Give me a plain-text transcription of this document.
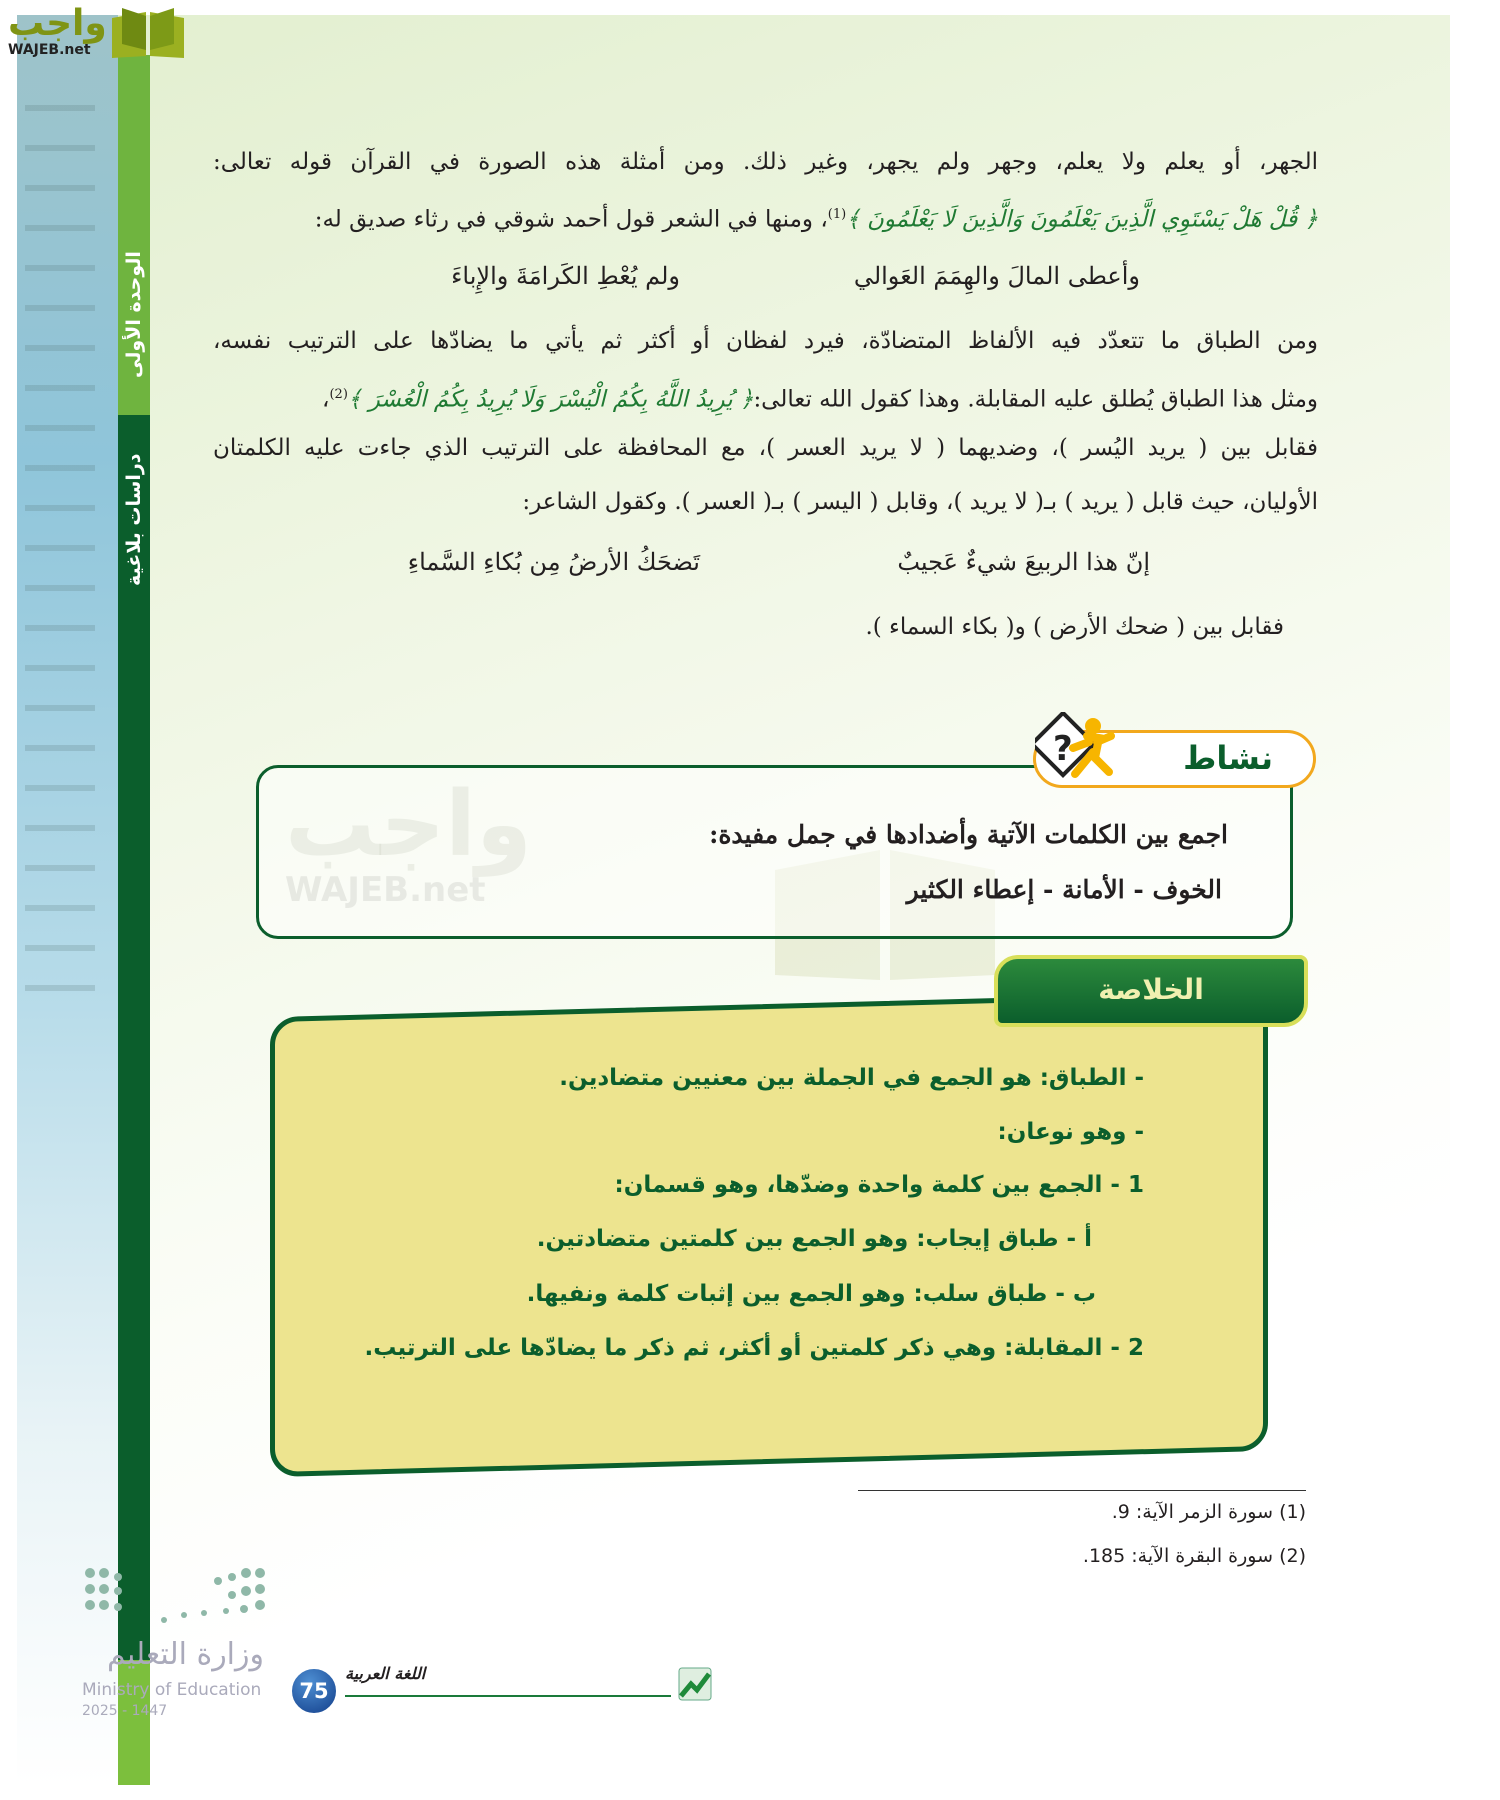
الوحدة الأولى
دراسات بلاغية
واجب
WAJEB.net
الجهر، أو يعلم ولا يعلم، وجهر ولم يجهر، وغير ذلك. ومن أمثلة هذه الصورة في القرآن قوله تعالى:
﴿ قُلْ هَلْ يَسْتَوِي الَّذِينَ يَعْلَمُونَ وَالَّذِينَ لَا يَعْلَمُونَ ﴾$^{(1)}$، ومنها في الشعر قول أحمد شوقي في رثاء صديق له:
وأعطى المالَ والهِمَمَ العَوالي
ولم يُعْطِ الكَرامَةَ والإِباءَ
ومن الطباق ما تتعدّد فيه الألفاظ المتضادّة، فيرد لفظان أو أكثر ثم يأتي ما يضادّها على الترتيب نفسه،
ومثل هذا الطباق يُطلق عليه المقابلة. وهذا كقول الله تعالى:﴿ يُرِيدُ اللَّهُ بِكُمُ الْيُسْرَ وَلَا يُرِيدُ بِكُمُ الْعُسْرَ ﴾$^{(2)}$،
فقابل بين ( يريد اليُسر )، وضديهما ( لا يريد العسر )، مع المحافظة على الترتيب الذي جاءت عليه الكلمتان
الأوليان، حيث قابل ( يريد ) بـ( لا يريد )، وقابل ( اليسر ) بـ( العسر ). وكقول الشاعر:
إنّ هذا الربيعَ شيءٌ عَجيبٌ
تَضحَكُ الأرضُ مِن بُكاءِ السَّماءِ
فقابل بين ( ضحك الأرض ) و( بكاء السماء ).
نشاط
?
اجمع بين الكلمات الآتية وأضدادها في جمل مفيدة:
الخوف - الأمانة - إعطاء الكثير
الخلاصة
- الطباق: هو الجمع في الجملة بين معنيين متضادين.
- وهو نوعان:
1 - الجمع بين كلمة واحدة وضدّها، وهو قسمان:
أ - طباق إيجاب: وهو الجمع بين كلمتين متضادتين.
ب - طباق سلب: وهو الجمع بين إثبات كلمة ونفيها.
2 - المقابلة: وهي ذكر كلمتين أو أكثر، ثم ذكر ما يضادّها على الترتيب.
(1) سورة الزمر الآية: 9.
(2) سورة البقرة الآية: 185.
وزارة التعليم
Ministry of Education
2025 - 1447
75
اللغة العربية
